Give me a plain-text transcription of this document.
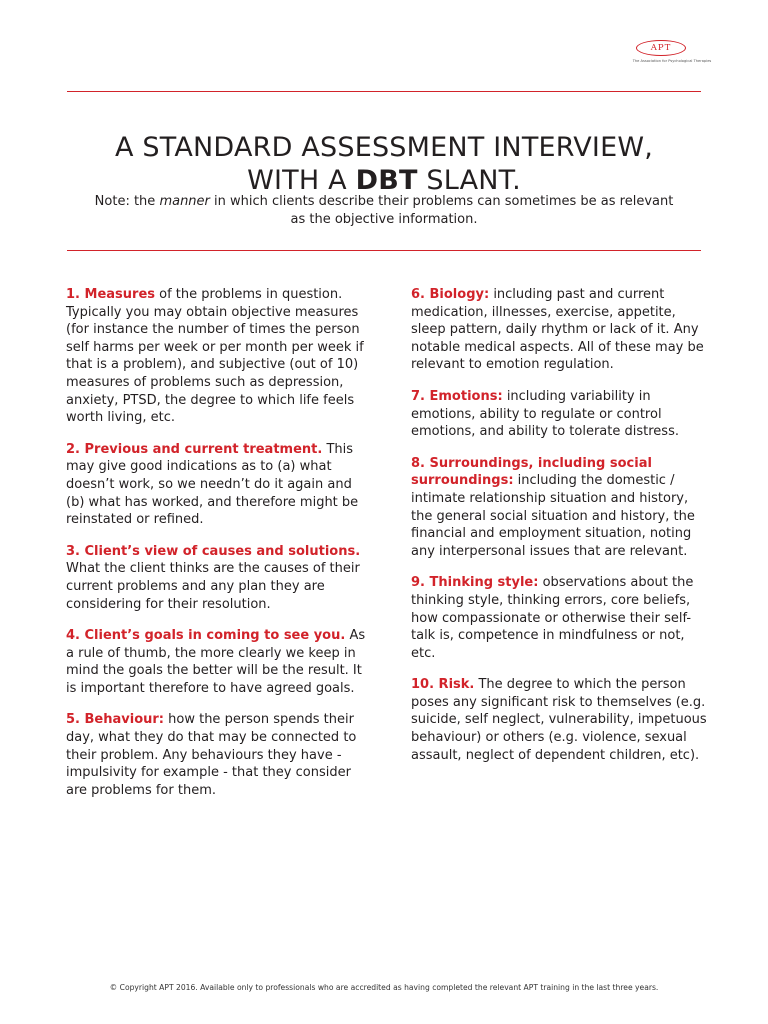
APT
The Association for Psychological Therapies
A STANDARD ASSESSMENT INTERVIEW,
WITH A DBT SLANT.
Note: the manner in which clients describe their problems can sometimes be as relevant as the objective information.

1. Measures of the problems in question. Typically you may obtain objective measures (for instance the number of times the person self harms per week or per month per week if that is a problem), and subjective (out of 10) measures of problems such as depression, anxiety, PTSD, the degree to which life feels worth living, etc.

2. Previous and current treatment. This may give good indications as to (a) what doesn’t work, so we needn’t do it again and (b) what has worked, and therefore might be reinstated or refined.

3. Client’s view of causes and solutions. What the client thinks are the causes of their current problems and any plan they are considering for their resolution.

4. Client’s goals in coming to see you. As a rule of thumb, the more clearly we keep in mind the goals the better will be the result. It is important therefore to have agreed goals.

5. Behaviour: how the person spends their day, what they do that may be connected to their problem. Any behaviours they have - impulsivity for example - that they consider are problems for them.

6. Biology: including past and current medication, illnesses, exercise, appetite, sleep pattern, daily rhythm or lack of it. Any notable medical aspects. All of these may be relevant to emotion regulation.

7. Emotions: including variability in emotions, ability to regulate or control emotions, and ability to tolerate distress.

8. Surroundings, including social surroundings: including the domestic / intimate relationship situation and history, the general social situation and history, the financial and employment situation, noting any interpersonal issues that are relevant.

9. Thinking style: observations about the thinking style, thinking errors, core beliefs, how compassionate or otherwise their self-talk is, competence in mindfulness or not, etc.

10. Risk. The degree to which the person poses any significant risk to themselves (e.g. suicide, self neglect, vulnerability, impetuous behaviour) or others (e.g. violence, sexual assault, neglect of dependent children, etc).

© Copyright APT 2016. Available only to professionals who are accredited as having completed the relevant APT training in the last three years.
